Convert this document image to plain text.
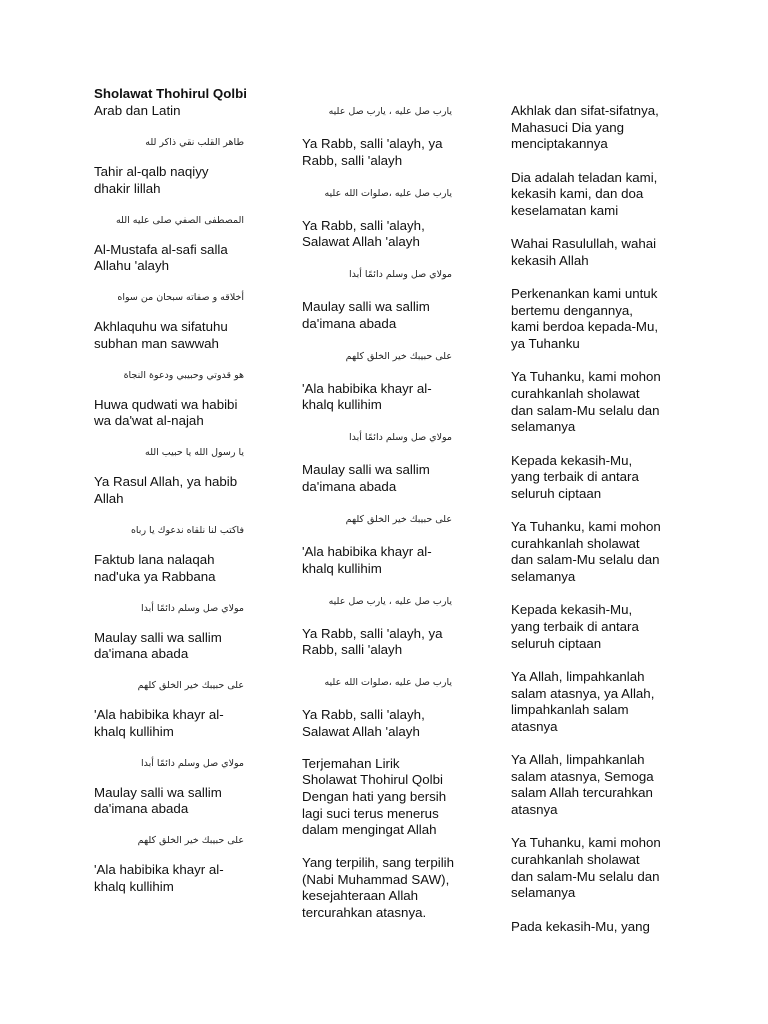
Sholawat Thohirul Qolbi
Arab dan Latin
طاهر القلب نقي ذاكر لله
Tahir al-qalb naqiyy
dhakir lillah
المصطفى الصفي صلى عليه الله
Al-Mustafa al-safi salla
Allahu 'alayh
أخلاقه و صفاته سبحان من سواه
Akhlaquhu wa sifatuhu
subhan man sawwah
هو قدوتي وحبيبي ودعوة النجاة
Huwa qudwati wa habibi
wa da'wat al-najah
يا رسول الله يا حبيب الله
Ya Rasul Allah, ya habib
Allah
فاكتب لنا نلقاه ندعوك يا رباه
Faktub lana nalaqah
nad'uka ya Rabbana
مولاي صل وسلم دائمًا أبدا
Maulay salli wa sallim
da'imana abada
على حبيبك خير الخلق كلهم
'Ala habibika khayr al-
khalq kullihim
مولاي صل وسلم دائمًا أبدا
Maulay salli wa sallim
da'imana abada
على حبيبك خير الخلق كلهم
'Ala habibika khayr al-
khalq kullihim
يارب صل عليه ، يارب صل عليه
Ya Rabb, salli 'alayh, ya
Rabb, salli 'alayh
يارب صل عليه ،صلوات الله عليه
Ya Rabb, salli 'alayh,
Salawat Allah 'alayh
مولاي صل وسلم دائمًا أبدا
Maulay salli wa sallim
da'imana abada
على حبيبك خير الخلق كلهم
'Ala habibika khayr al-
khalq kullihim
مولاي صل وسلم دائمًا أبدا
Maulay salli wa sallim
da'imana abada
على حبيبك خير الخلق كلهم
'Ala habibika khayr al-
khalq kullihim
يارب صل عليه ، يارب صل عليه
Ya Rabb, salli 'alayh, ya
Rabb, salli 'alayh
يارب صل عليه ،صلوات الله عليه
Ya Rabb, salli 'alayh,
Salawat Allah 'alayh
Terjemahan Lirik
Sholawat Thohirul Qolbi
Dengan hati yang bersih
lagi suci terus menerus
dalam mengingat Allah
Yang terpilih, sang terpilih
(Nabi Muhammad SAW),
kesejahteraan Allah
tercurahkan atasnya.
Akhlak dan sifat-sifatnya,
Mahasuci Dia yang
menciptakannya
Dia adalah teladan kami,
kekasih kami, dan doa
keselamatan kami
Wahai Rasulullah, wahai
kekasih Allah
Perkenankan kami untuk
bertemu dengannya,
kami berdoa kepada-Mu,
ya Tuhanku
Ya Tuhanku, kami mohon
curahkanlah sholawat
dan salam-Mu selalu dan
selamanya
Kepada kekasih-Mu,
yang terbaik di antara
seluruh ciptaan
Ya Tuhanku, kami mohon
curahkanlah sholawat
dan salam-Mu selalu dan
selamanya
Kepada kekasih-Mu,
yang terbaik di antara
seluruh ciptaan
Ya Allah, limpahkanlah
salam atasnya, ya Allah,
limpahkanlah salam
atasnya
Ya Allah, limpahkanlah
salam atasnya, Semoga
salam Allah tercurahkan
atasnya
Ya Tuhanku, kami mohon
curahkanlah sholawat
dan salam-Mu selalu dan
selamanya
Pada kekasih-Mu, yang
